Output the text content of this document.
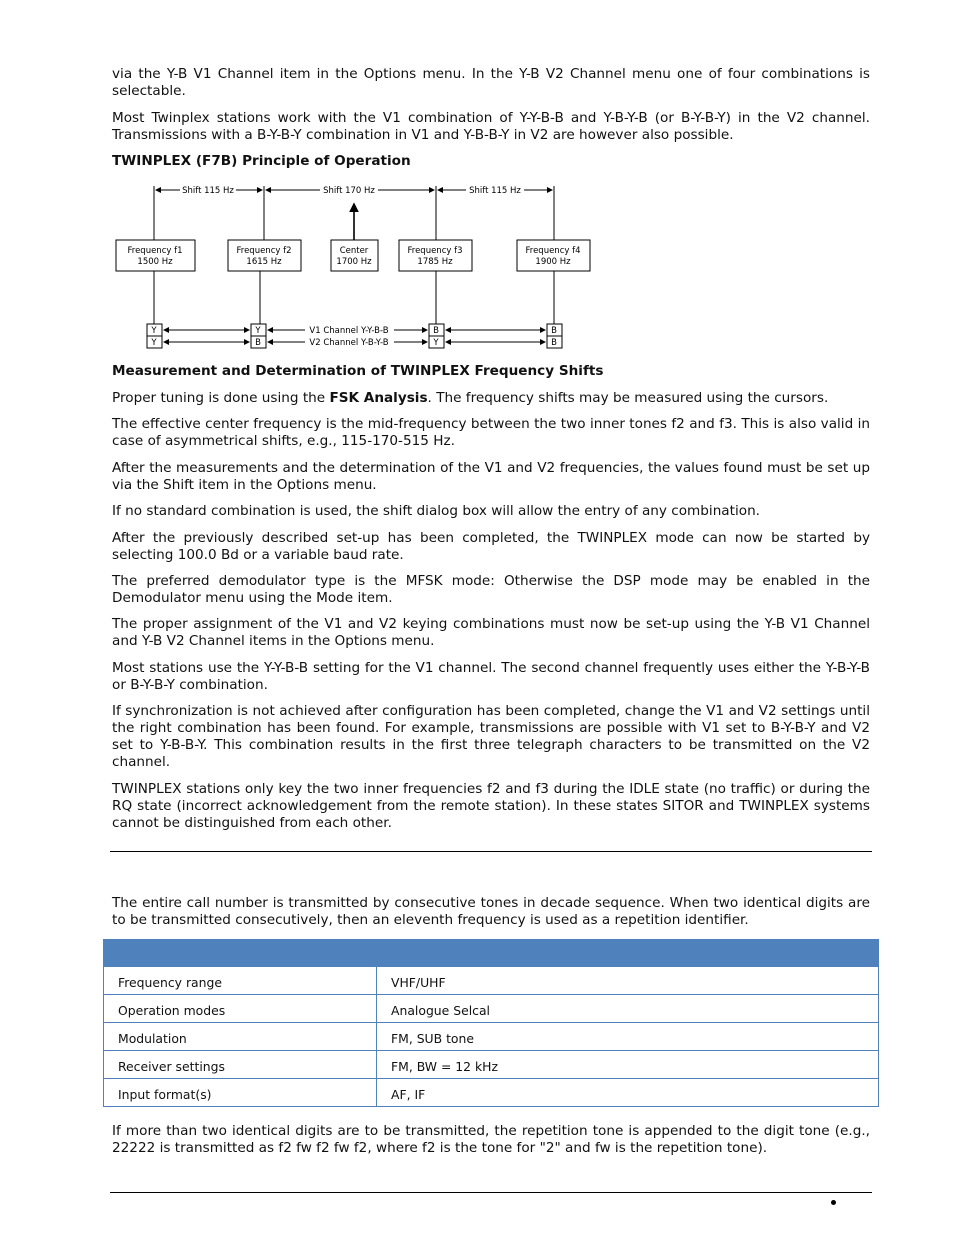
via the Y-B V1 Channel item in the Options menu. In the Y-B V2 Channel menu one of four combinations is selectable.

Most Twinplex stations work with the V1 combination of Y-Y-B-B and Y-B-Y-B (or B-Y-B-Y) in the V2 channel. Transmissions with a B-Y-B-Y combination in V1 and Y-B-B-Y in V2 are however also possible.

TWINPLEX (F7B) Principle of Operation
Shift 115 Hz	Shift 170 Hz	Shift 115 Hz
Frequency f1
1500 Hz
Frequency f2
1615 Hz
Center
1700 Hz
Frequency f3
1785 Hz
Frequency f4
1900 Hz
Y	Y	B	B
Y	B	Y	B
V1 Channel Y-Y-B-B
V2 Channel Y-B-Y-B
Measurement and Determination of TWINPLEX Frequency Shifts

Proper tuning is done using the FSK Analysis. The frequency shifts may be measured using the cursors.

The effective center frequency is the mid-frequency between the two inner tones f2 and f3. This is also valid in case of asymmetrical shifts, e.g., 115-170-515 Hz.

After the measurements and the determination of the V1 and V2 frequencies, the values found must be set up via the Shift item in the Options menu.

If no standard combination is used, the shift dialog box will allow the entry of any combination.

After the previously described set-up has been completed, the TWINPLEX mode can now be started by selecting 100.0 Bd or a variable baud rate.

The preferred demodulator type is the MFSK mode: Otherwise the DSP mode may be enabled in the Demodulator menu using the Mode item.

The proper assignment of the V1 and V2 keying combinations must now be set-up using the Y-B V1 Channel and Y-B V2 Channel items in the Options menu.

Most stations use the Y-Y-B-B setting for the V1 channel. The second channel frequently uses either the Y-B-Y-B or B-Y-B-Y combination.

If synchronization is not achieved after configuration has been completed, change the V1 and V2 settings until the right combination has been found. For example, transmissions are possible with V1 set to B-Y-B-Y and V2 set to Y-B-B-Y. This combination results in the first three telegraph characters to be transmitted on the V2 channel.

TWINPLEX stations only key the two inner frequencies f2 and f3 during the IDLE state (no traffic) or during the RQ state (incorrect acknowledgement from the remote station). In these states SITOR and TWINPLEX systems cannot be distinguished from each other.

The entire call number is transmitted by consecutive tones in decade sequence. When two identical digits are to be transmitted consecutively, then an eleventh frequency is used as a repetition identifier.

Frequency range	VHF/UHF
Operation modes	Analogue Selcal
Modulation	FM, SUB tone
Receiver settings	FM, BW = 12 kHz
Input format(s)	AF, IF

If more than two identical digits are to be transmitted, the repetition tone is appended to the digit tone (e.g., 22222 is transmitted as f2 fw f2 fw f2, where f2 is the tone for "2" and fw is the repetition tone).
